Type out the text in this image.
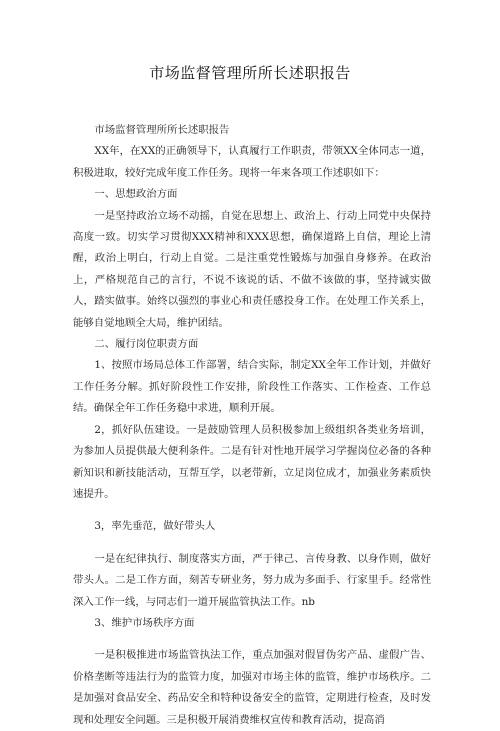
市场监督管理所所长述职报告

市场监督管理所所长述职报告

XX年，在XX的正确领导下，认真履行工作职责，带领XX全体同志一道，积极进取，较好完成年度工作任务。现将一年来各项工作述职如下：

一、思想政治方面

一是坚持政治立场不动摇，自觉在思想上、政治上、行动上同党中央保持高度一致。切实学习贯彻XXX精神和XXX思想，确保道路上自信，理论上清醒，政治上明白，行动上自觉。二是注重党性锻炼与加强自身修养。在政治上，严格规范自己的言行，不说不该说的话、不做不该做的事，坚持诚实做人，踏实做事。始终以强烈的事业心和责任感投身工作。在处理工作关系上，能够自觉地顾全大局，维护团结。

二、履行岗位职责方面

1、按照市场局总体工作部署，结合实际，制定XX全年工作计划，并做好工作任务分解。抓好阶段性工作安排，阶段性工作落实、工作检查、工作总结。确保全年工作任务稳中求进，顺利开展。

2，抓好队伍建设。一是鼓励管理人员积极参加上级组织各类业务培训，为参加人员提供最大便利条件。二是有针对性地开展学习学握岗位必备的各种新知识和新技能活动，互帮互学，以老带新，立足岗位成才，加强业务素质快速提升。

3，率先垂范，做好带头人

一是在纪律执行、制度落实方面，严于律己、言传身教、以身作则，做好带头人。二是工作方面，刻苦专研业务，努力成为多面手、行家里手。经常性深入工作一线，与同志们一道开展监管执法工作。nb

3、维护市场秩序方面

一是积极推进市场监管执法工作，重点加强对假冒伪劣产品、虚假广告、价格垄断等违法行为的监管力度，加强对市场主体的监管，维护市场秩序。二是加强对食品安全、药品安全和特种设备安全的监管，定期进行检查，及时发现和处理安全问题。三是积极开展消费维权宣传和教育活动，提高消
